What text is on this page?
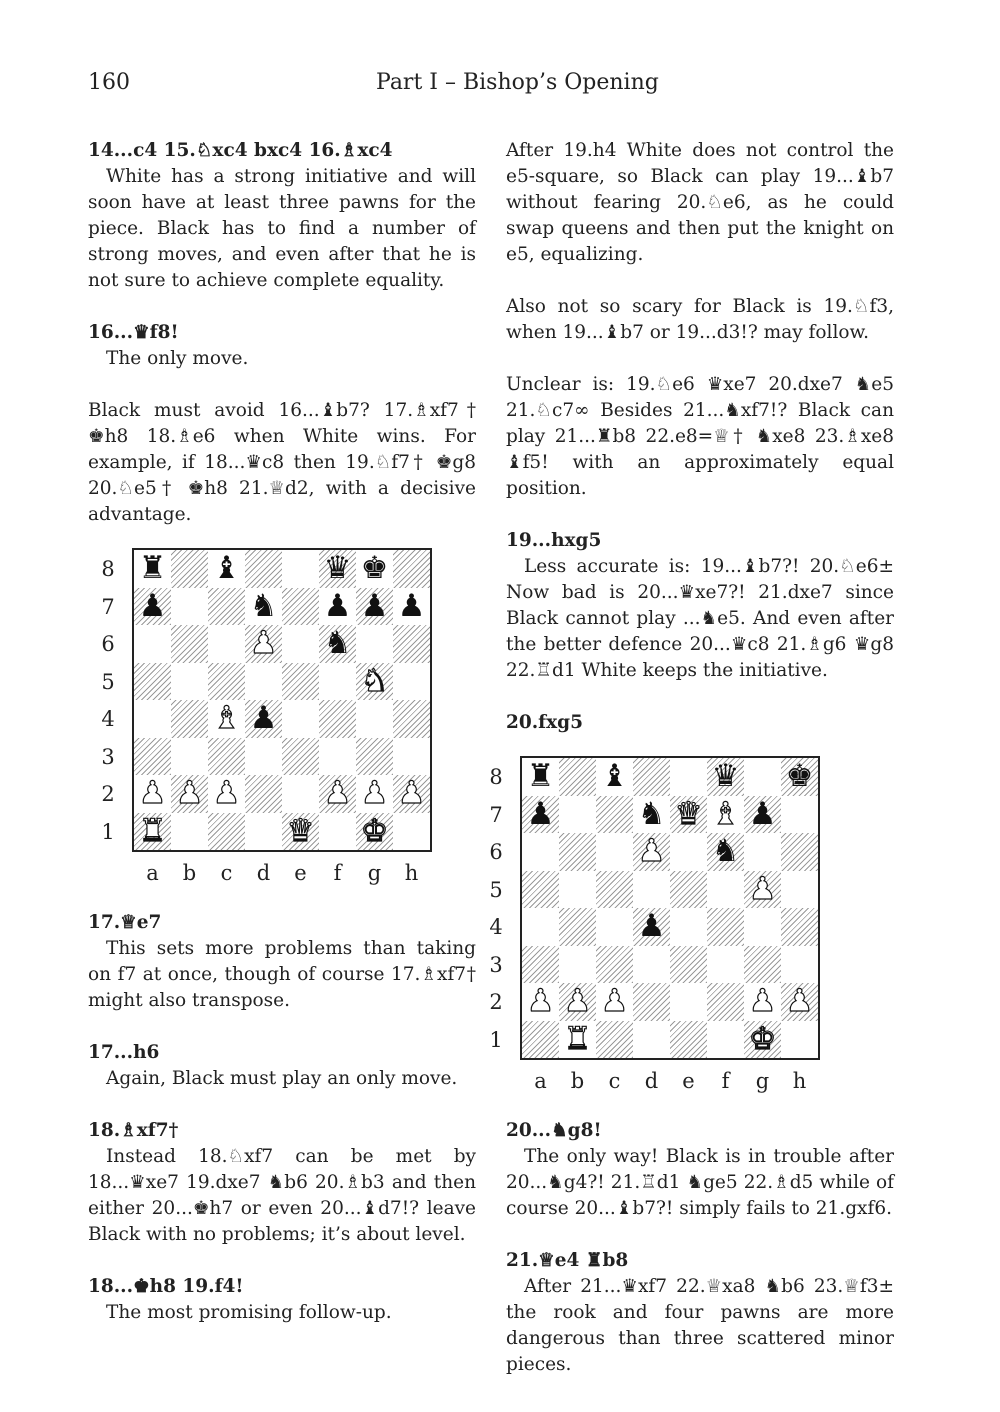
160	Part I – Bishop’s Opening

14...c4 15.♘xc4 bxc4 16.♗xc4

White has a strong initiative and will soon have at least three pawns for the piece. Black has to find a number of strong moves, and even after that he is not sure to achieve complete equality.

16...♛f8!

The only move.

Black must avoid 16...♝b7? 17.♗xf7† ♚h8 18.♗e6 when White wins. For example, if 18...♛c8 then 19.♘f7† ♚g8 20.♘e5† ♚h8 21.♕d2, with a decisive advantage.

8
7
6
5
4
3
2
1
♜ ♝	♛ ♚
♟	♞ ♟ ♟ ♟
♟ ♞
♞
♝ ♟
♟ ♟ ♟	♟ ♟ ♟
♜	♛ ♚
a	b	c	d	e	f	g	h

17.♕e7

This sets more problems than taking on f7 at once, though of course 17.♗xf7† might also transpose.

17...h6

Again, Black must play an only move.

18.♗xf7†

Instead 18.♘xf7 can be met by 18...♛xe7 19.dxe7 ♞b6 20.♗b3 and then either 20...♚h7 or even 20...♝d7!? leave Black with no problems; it’s about level.

18...♚h8 19.f4!

The most promising follow-up.

After 19.h4 White does not control the e5-square, so Black can play 19...♝b7 without fearing 20.♘e6, as he could swap queens and then put the knight on e5, equalizing.

Also not so scary for Black is 19.♘f3, when 19...♝b7 or 19...d3!? may follow.

Unclear is: 19.♘e6 ♛xe7 20.dxe7 ♞e5 21.♘c7∞ Besides 21...♞xf7!? Black can play 21...♜b8 22.e8=♕† ♞xe8 23.♗xe8 ♝f5! with an approximately equal position.

19...hxg5

Less accurate is: 19...♝b7?! 20.♘e6± Now bad is 20...♛xe7?! 21.dxe7 since Black cannot play ...♞e5. And even after the better defence 20...♛c8 21.♗g6 ♛g8 22.♖d1 White keeps the initiative.

20.fxg5

8
7
6
5
4
3
2
1
♜ ♝	♛ ♚
♟	♞ ♛ ♝ ♟
♟ ♞
♟
♟
♟ ♟ ♟	♟ ♟
♜	♚
a	b	c	d	e	f	g	h

20...♞g8!

The only way! Black is in trouble after 20...♞g4?! 21.♖d1 ♞ge5 22.♗d5 while of course 20...♝b7?! simply fails to 21.gxf6.

21.♕e4 ♜b8

After 21...♛xf7 22.♕xa8 ♞b6 23.♕f3± the rook and four pawns are more dangerous than three scattered minor pieces.
